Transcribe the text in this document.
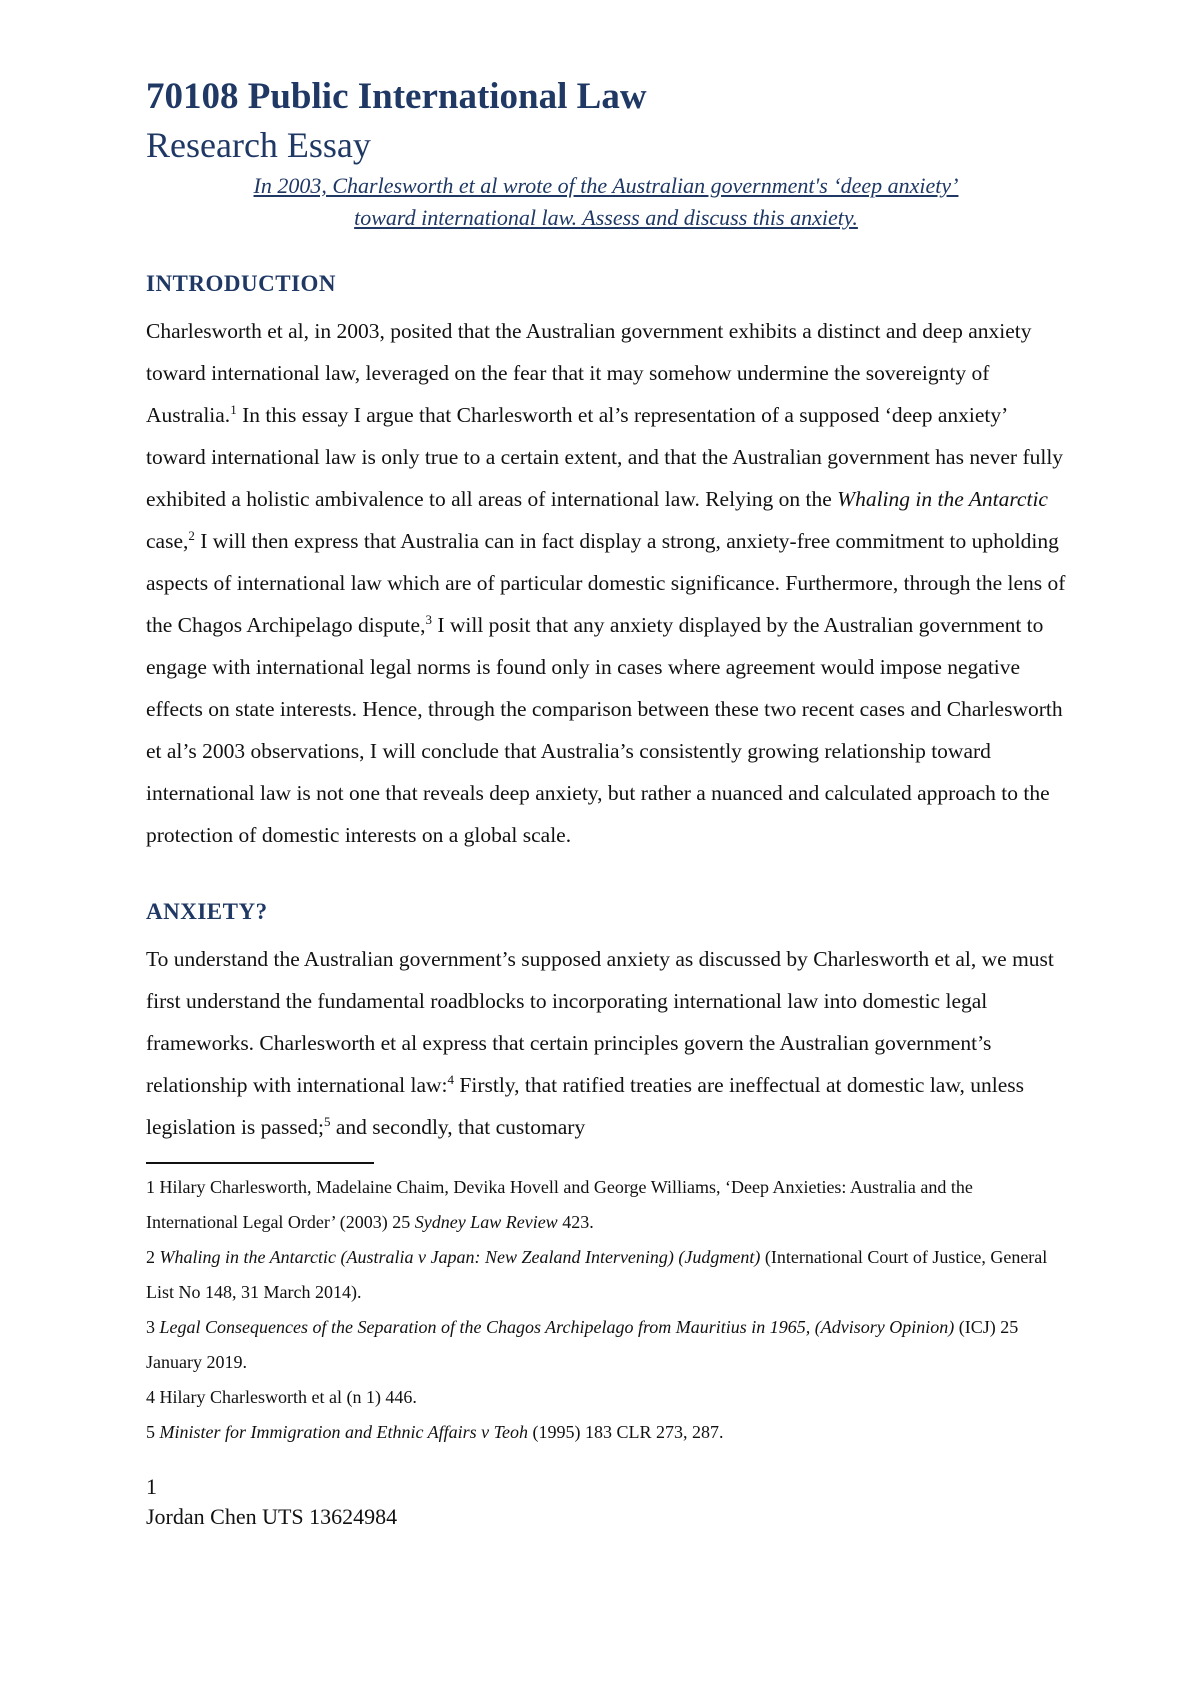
70108 Public International Law
Research Essay
In 2003, Charlesworth et al wrote of the Australian government's ‘deep anxiety’
toward international law. Assess and discuss this anxiety.
INTRODUCTION

Charlesworth et al, in 2003, posited that the Australian government exhibits a distinct and deep anxiety toward international law, leveraged on the fear that it may somehow undermine the sovereignty of Australia.$^1$ In this essay I argue that Charlesworth et al’s representation of a supposed ‘deep anxiety’ toward international law is only true to a certain extent, and that the Australian government has never fully exhibited a holistic ambivalence to all areas of international law. Relying on the Whaling in the Antarctic case,$^2$ I will then express that Australia can in fact display a strong, anxiety-free commitment to upholding aspects of international law which are of particular domestic significance. Furthermore, through the lens of the Chagos Archipelago dispute,$^3$ I will posit that any anxiety displayed by the Australian government to engage with international legal norms is found only in cases where agreement would impose negative effects on state interests. Hence, through the comparison between these two recent cases and Charlesworth et al’s 2003 observations, I will conclude that Australia’s consistently growing relationship toward international law is not one that reveals deep anxiety, but rather a nuanced and calculated approach to the protection of domestic interests on a global scale.

ANXIETY?

To understand the Australian government’s supposed anxiety as discussed by Charlesworth et al, we must first understand the fundamental roadblocks to incorporating international law into domestic legal frameworks. Charlesworth et al express that certain principles govern the Australian government’s relationship with international law:$^4$ Firstly, that ratified treaties are ineffectual at domestic law, unless legislation is passed;$^5$ and secondly, that customary

1 Hilary Charlesworth, Madelaine Chaim, Devika Hovell and George Williams, ‘Deep Anxieties: Australia and the International Legal Order’ (2003) 25 Sydney Law Review 423.

2 Whaling in the Antarctic (Australia v Japan: New Zealand Intervening) (Judgment) (International Court of Justice, General List No 148, 31 March 2014).

3 Legal Consequences of the Separation of the Chagos Archipelago from Mauritius in 1965, (Advisory Opinion) (ICJ) 25 January 2019.

4 Hilary Charlesworth et al (n 1) 446.

5 Minister for Immigration and Ethnic Affairs v Teoh (1995) 183 CLR 273, 287.

1
Jordan Chen UTS 13624984
